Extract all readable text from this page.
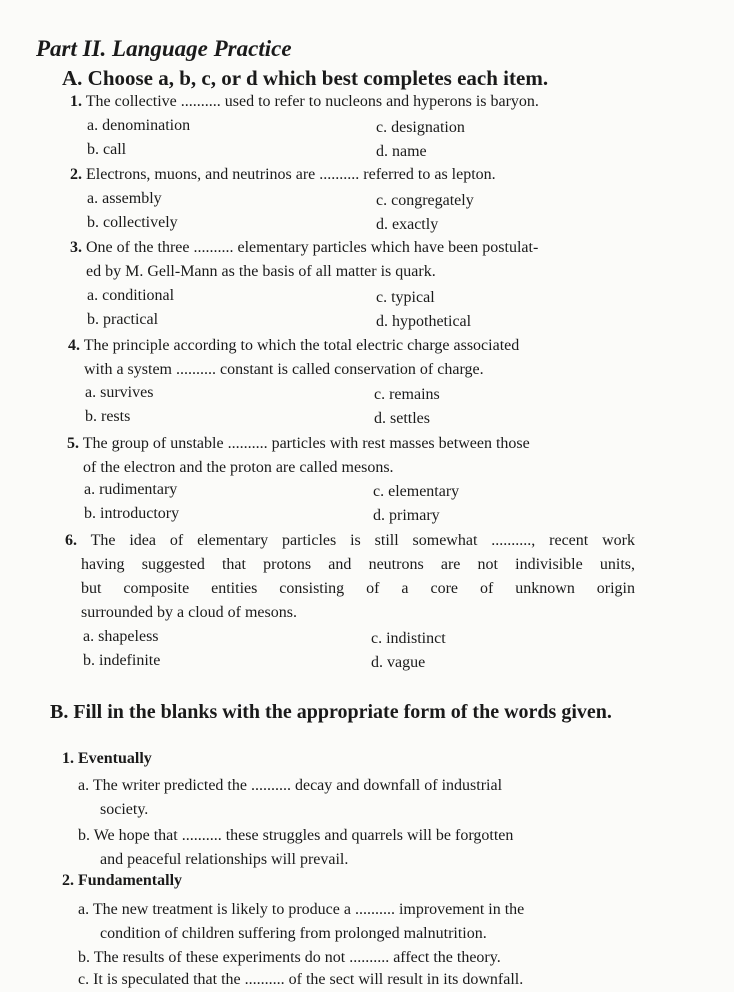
Part II. Language Practice
A. Choose a, b, c, or d which best completes each item.
1. The collective .......... used to refer to nucleons and hyperons is baryon.
a. denomination	c. designation
b. call	d. name
2. Electrons, muons, and neutrinos are .......... referred to as lepton.
a. assembly	c. congregately
b. collectively	d. exactly
3. One of the three .......... elementary particles which have been postulat-
ed by M. Gell-Mann as the basis of all matter is quark.
a. conditional	c. typical
b. practical	d. hypothetical
4. The principle according to which the total electric charge associated
with a system .......... constant is called conservation of charge.
a. survives	c. remains
b. rests	d. settles
5. The group of unstable .......... particles with rest masses between those
of the electron and the proton are called mesons.
a. rudimentary	c. elementary
b. introductory	d. primary
6. The idea of elementary particles is still somewhat .........., recent work
having suggested that protons and neutrons are not indivisible units,
but composite entities consisting of a core of unknown origin
surrounded by a cloud of mesons.
a. shapeless	c. indistinct
b. indefinite	d. vague
B. Fill in the blanks with the appropriate form of the words given.
1. Eventually
a. The writer predicted the .......... decay and downfall of industrial
society.
b. We hope that .......... these struggles and quarrels will be forgotten
and peaceful relationships will prevail.
2. Fundamentally
a. The new treatment is likely to produce a .......... improvement in the
condition of children suffering from prolonged malnutrition.
b. The results of these experiments do not .......... affect the theory.
c. It is speculated that the .......... of the sect will result in its downfall.
